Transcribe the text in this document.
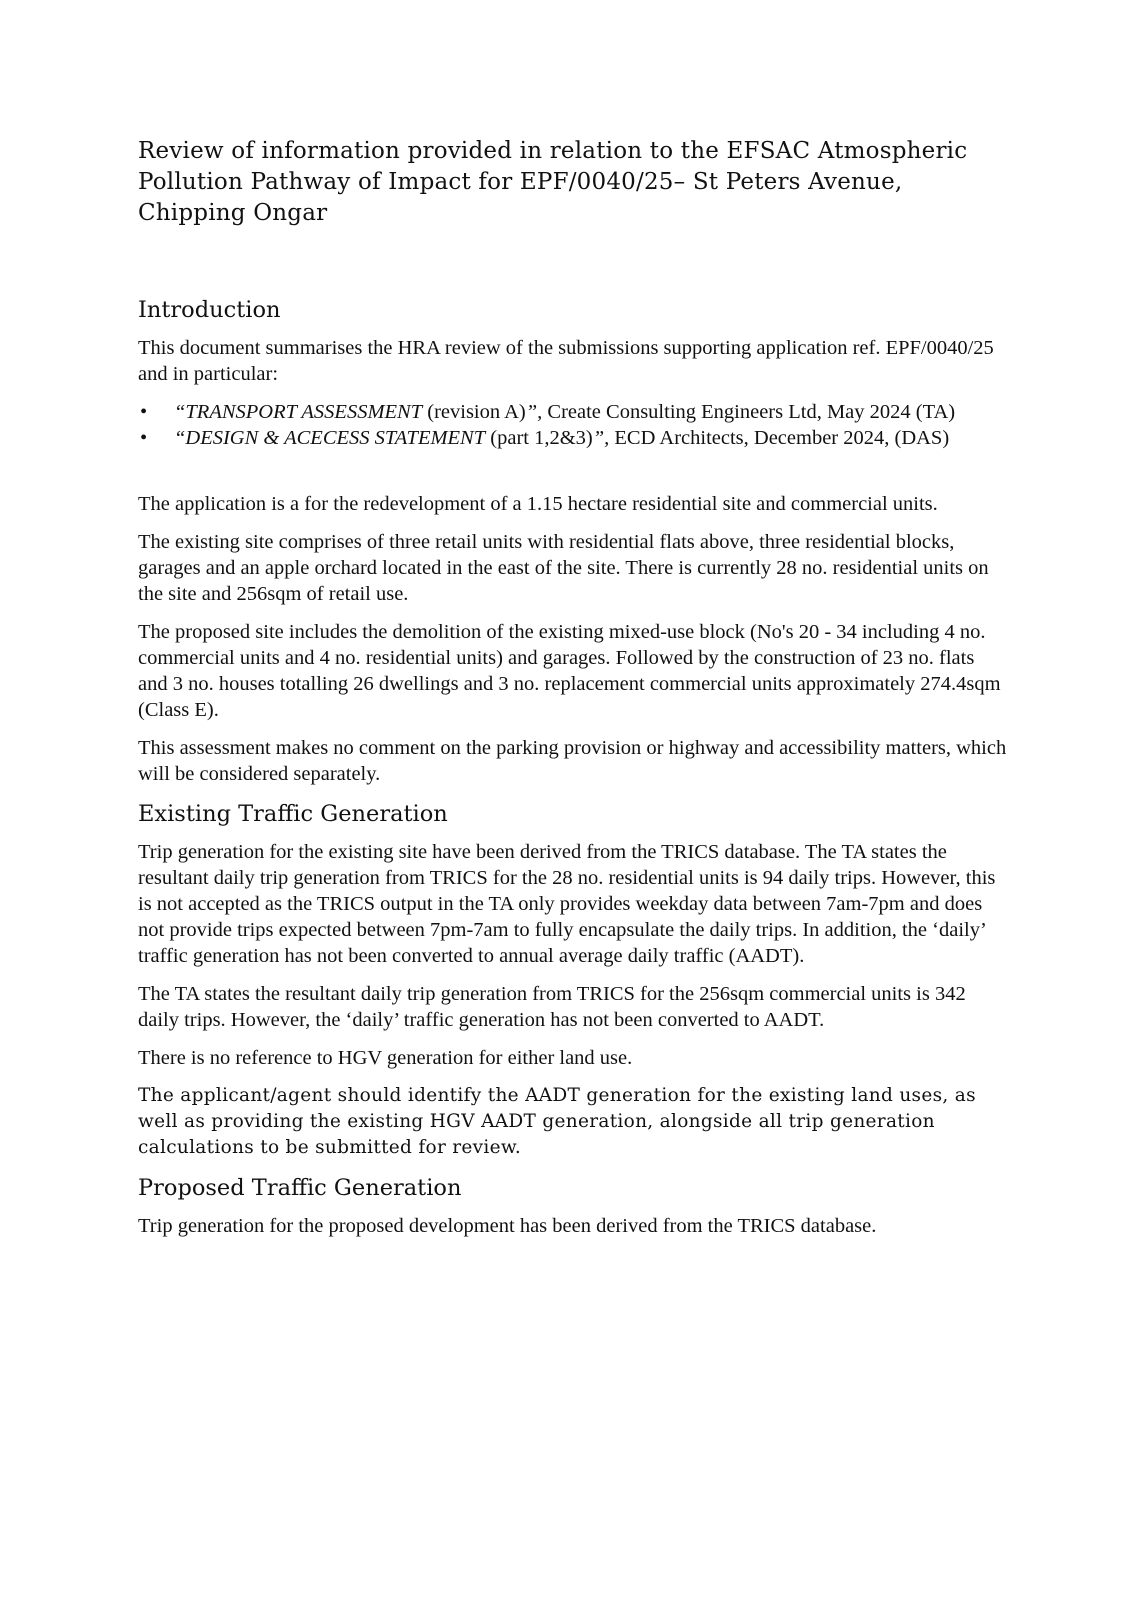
Review of information provided in relation to the EFSAC Atmospheric Pollution Pathway of Impact for EPF/0040/25– St Peters Avenue, Chipping Ongar
Introduction

This document summarises the HRA review of the submissions supporting application ref. EPF/0040/25 and in particular:

• “TRANSPORT ASSESSMENT (revision A)”, Create Consulting Engineers Ltd, May 2024 (TA)
• “DESIGN & ACECESS STATEMENT (part 1,2&3)”, ECD Architects, December 2024, (DAS)

The application is a for the redevelopment of a 1.15 hectare residential site and commercial units.

The existing site comprises of three retail units with residential flats above, three residential blocks, garages and an apple orchard located in the east of the site. There is currently 28 no. residential units on the site and 256sqm of retail use.

The proposed site includes the demolition of the existing mixed-use block (No's 20 - 34 including 4 no. commercial units and 4 no. residential units) and garages. Followed by the construction of 23 no. flats and 3 no. houses totalling 26 dwellings and 3 no. replacement commercial units approximately 274.4sqm (Class E).

This assessment makes no comment on the parking provision or highway and accessibility matters, which will be considered separately.

Existing Traffic Generation

Trip generation for the existing site have been derived from the TRICS database. The TA states the resultant daily trip generation from TRICS for the 28 no. residential units is 94 daily trips. However, this is not accepted as the TRICS output in the TA only provides weekday data between 7am-7pm and does not provide trips expected between 7pm-7am to fully encapsulate the daily trips. In addition, the ‘daily’ traffic generation has not been converted to annual average daily traffic (AADT).

The TA states the resultant daily trip generation from TRICS for the 256sqm commercial units is 342 daily trips. However, the ‘daily’ traffic generation has not been converted to AADT.

There is no reference to HGV generation for either land use.

The applicant/agent should identify the AADT generation for the existing land uses, as well as providing the existing HGV AADT generation, alongside all trip generation calculations to be submitted for review.

Proposed Traffic Generation

Trip generation for the proposed development has been derived from the TRICS database.
